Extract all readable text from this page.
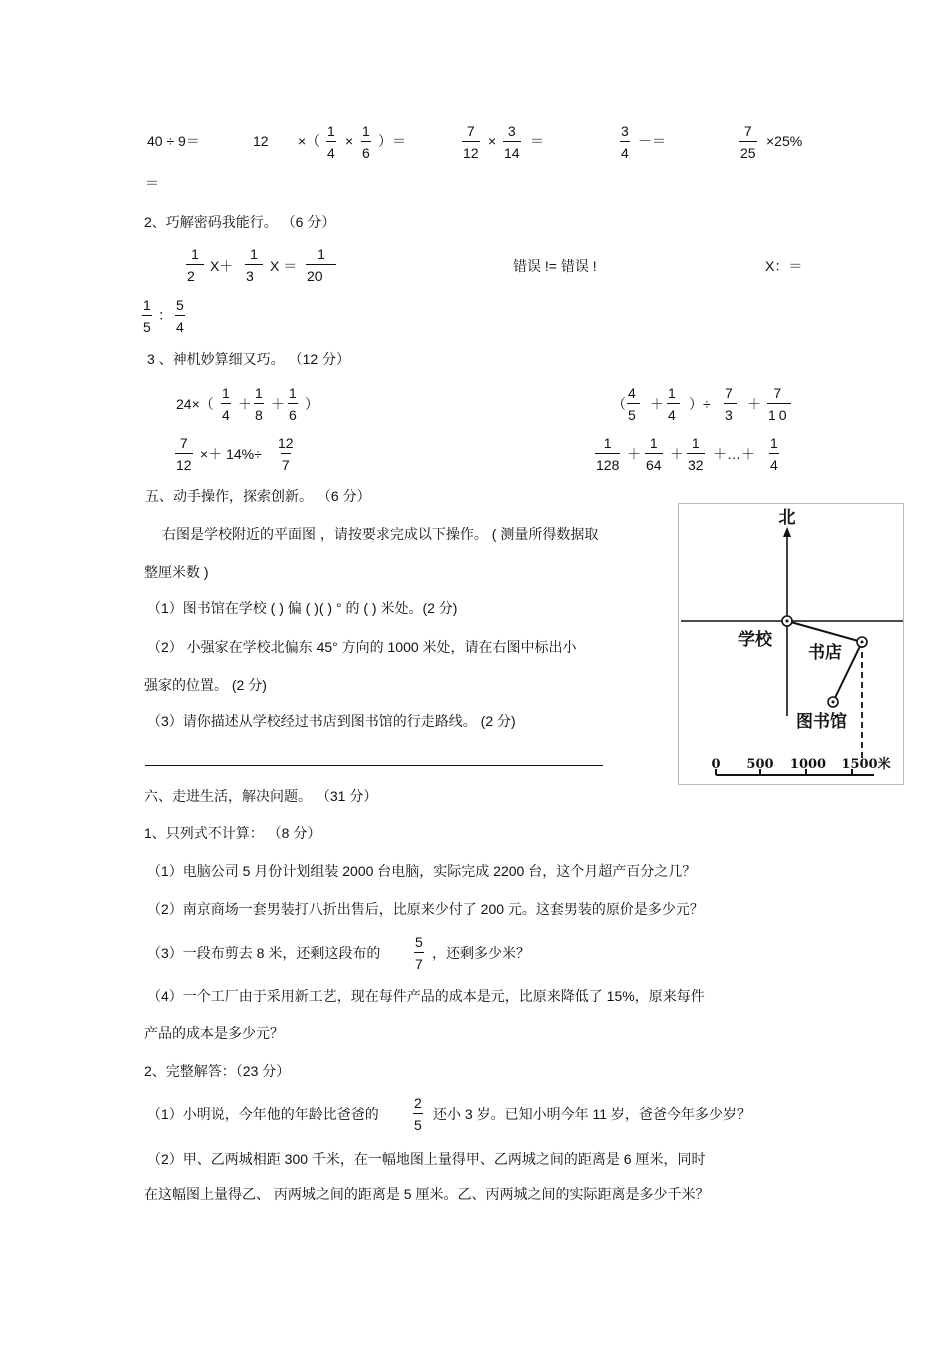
40 ÷ 9＝	12 ×（
1
4
×
1
6
）＝
7
12
×
3
14
＝
3
4
－＝
7
25
×25%
＝
2、巧解密码我能行。 （6 分）
1
2
X＋
1
3
X ＝
1
20
错误 != 错误 !	X：＝
1
5
：
5
4
3 、神机妙算细又巧。 （12 分）
24×（
1
4
＋
1
8
＋
1
6
）	（
4
5
＋
1
4
）÷
7
3
＋
7
10
7
12
×＋ 14%÷
12
7
1
128
＋
1
64
＋
1
32
＋…＋
1
4
五、动手操作，探索创新。 （6 分）
右图是学校附近的平面图 ，请按要求完成以下操作。 ( 测量所得数据取
整厘米数 )
（1）图书馆在学校 ( ) 偏 ( )( ) ° 的 ( ) 米处。(2 分)
（2） 小强家在学校北偏东 45° 方向的 1000 米处，请在右图中标出小
强家的位置。 (2 分)
（3）请你描述从学校经过书店到图书馆的行走路线。 (2 分)
北
学校
书店
图书馆
0 500 1000 1500米
六、走进生活，解决问题。 （31 分）
1、只列式不计算： （8 分）
（1）电脑公司 5 月份计划组装 2000 台电脑，实际完成 2200 台，这个月超产百分之几？
（2）南京商场一套男装打八折出售后，比原来少付了 200 元。这套男装的原价是多少元？
（3）一段布剪去 8 米，还剩这段布的
5
7
，还剩多少米？
（4）一个工厂由于采用新工艺，现在每件产品的成本是元，比原来降低了 15%，原来每件
产品的成本是多少元？
2、完整解答：（23 分）
（1）小明说，今年他的年龄比爸爸的
2
5
还小 3 岁。已知小明今年 11 岁，爸爸今年多少岁？
（2）甲、乙两城相距 300 千米，在一幅地图上量得甲、乙两城之间的距离是 6 厘米，同时
在这幅图上量得乙、 丙两城之间的距离是 5 厘米。乙、丙两城之间的实际距离是多少千米？
